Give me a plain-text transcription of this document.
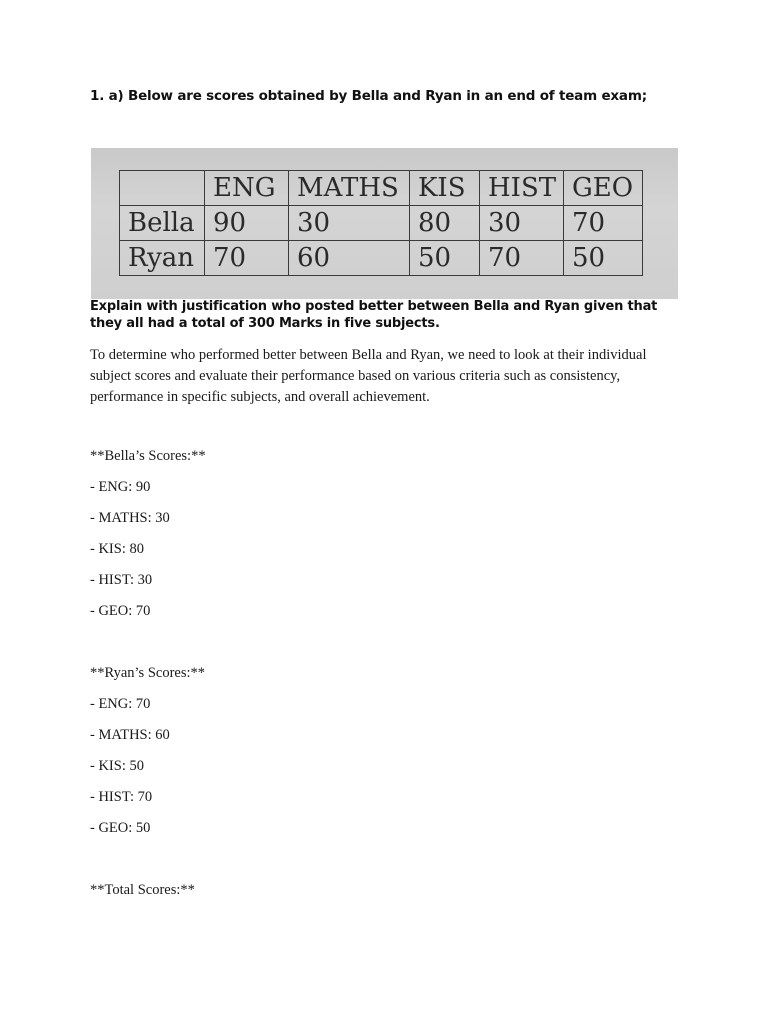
1. a) Below are scores obtained by Bella and Ryan in an end of team exam;
	ENG	MATHS	KIS	HIST	GEO
Bella	90	30	80	30	70
Ryan	70	60	50	70	50
Explain with justification who posted better between Bella and Ryan given that they all had a total of 300 Marks in five subjects.
To determine who performed better between Bella and Ryan, we need to look at their individual subject scores and evaluate their performance based on various criteria such as consistency, performance in specific subjects, and overall achievement.
**Bella’s Scores:**
- ENG: 90
- MATHS: 30
- KIS: 80
- HIST: 30
- GEO: 70
**Ryan’s Scores:**
- ENG: 70
- MATHS: 60
- KIS: 50
- HIST: 70
- GEO: 50
**Total Scores:**
